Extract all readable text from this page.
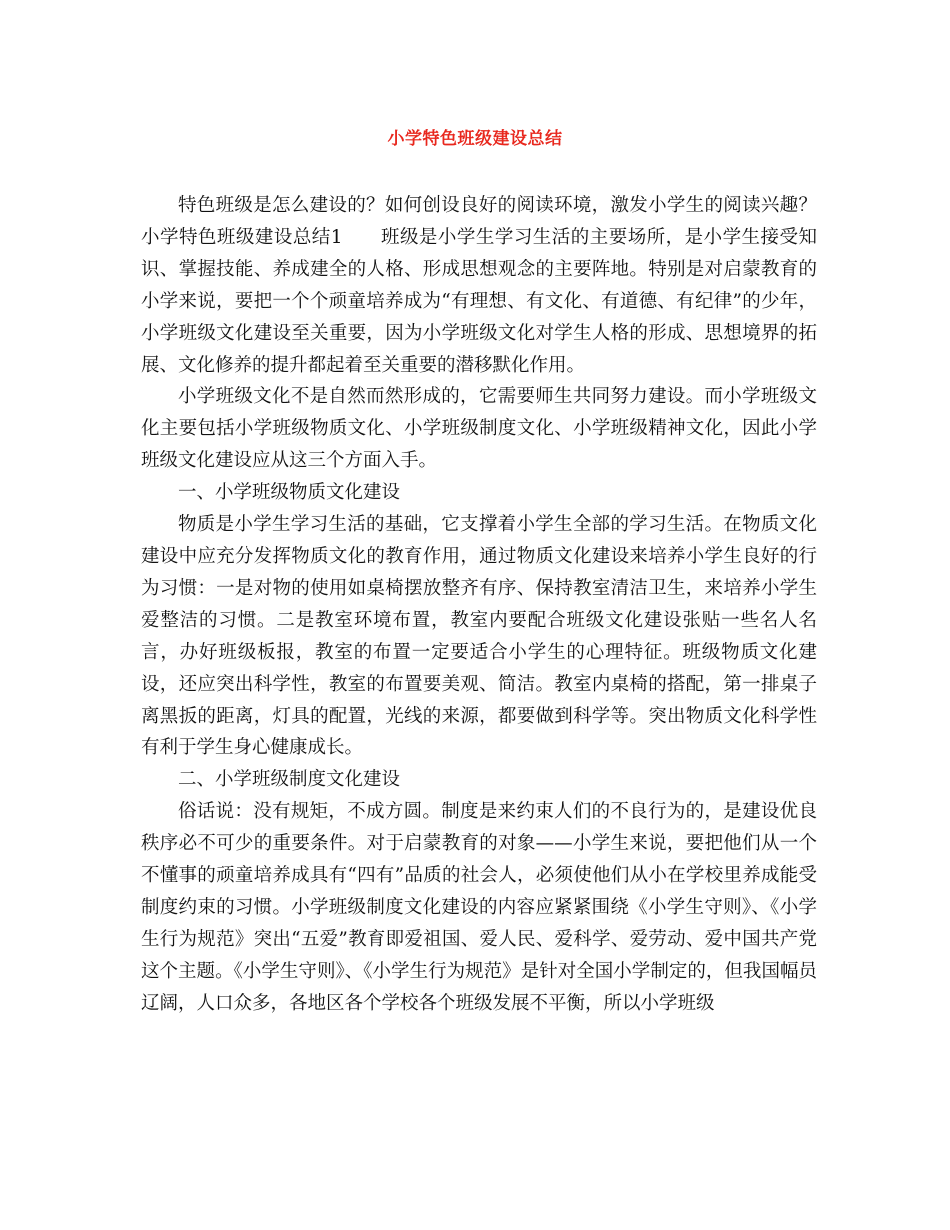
小学特色班级建设总结

特色班级是怎么建设的？如何创设良好的阅读环境，激发小学生的阅读兴趣？小学特色班级建设总结1　　班级是小学生学习生活的主要场所，是小学生接受知识、掌握技能、养成建全的人格、形成思想观念的主要阵地。特别是对启蒙教育的小学来说，要把一个个顽童培养成为“有理想、有文化、有道德、有纪律”的少年，小学班级文化建设至关重要，因为小学班级文化对学生人格的形成、思想境界的拓展、文化修养的提升都起着至关重要的潜移默化作用。

小学班级文化不是自然而然形成的，它需要师生共同努力建设。而小学班级文化主要包括小学班级物质文化、小学班级制度文化、小学班级精神文化，因此小学班级文化建设应从这三个方面入手。

一、小学班级物质文化建设

物质是小学生学习生活的基础，它支撑着小学生全部的学习生活。在物质文化建设中应充分发挥物质文化的教育作用，通过物质文化建设来培养小学生良好的行为习惯：一是对物的使用如桌椅摆放整齐有序、保持教室清洁卫生，来培养小学生爱整洁的习惯。二是教室环境布置，教室内要配合班级文化建设张贴一些名人名言，办好班级板报，教室的布置一定要适合小学生的心理特征。班级物质文化建设，还应突出科学性，教室的布置要美观、简洁。教室内桌椅的搭配，第一排桌子离黑扳的距离，灯具的配置，光线的来源，都要做到科学等。突出物质文化科学性有利于学生身心健康成长。

二、小学班级制度文化建设

俗话说：没有规矩，不成方圆。制度是来约束人们的不良行为的，是建设优良秩序必不可少的重要条件。对于启蒙教育的对象——小学生来说，要把他们从一个不懂事的顽童培养成具有“四有”品质的社会人，必须使他们从小在学校里养成能受制度约束的习惯。小学班级制度文化建设的内容应紧紧围绕《小学生守则》、《小学生行为规范》突出“五爱”教育即爱祖国、爱人民、爱科学、爱劳动、爱中国共产党这个主题。《小学生守则》、《小学生行为规范》是针对全国小学制定的，但我国幅员辽阔，人口众多，各地区各个学校各个班级发展不平衡，所以小学班级
